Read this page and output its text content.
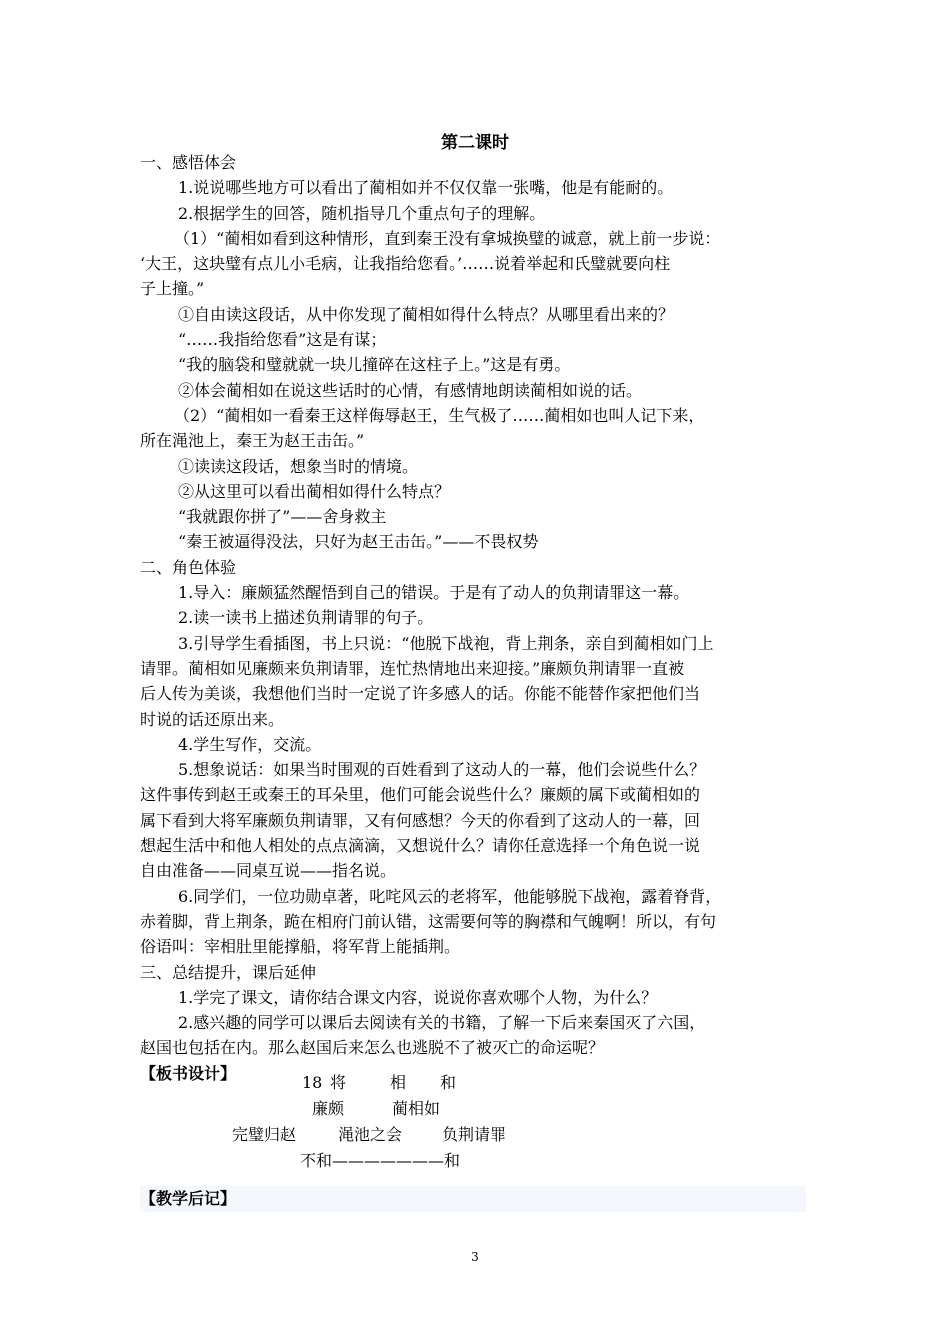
第二课时
一、感悟体会
1.说说哪些地方可以看出了蔺相如并不仅仅靠一张嘴，他是有能耐的。
2.根据学生的回答，随机指导几个重点句子的理解。
（1）“蔺相如看到这种情形，直到秦王没有拿城换璧的诚意，就上前一步说：
‘大王，这块璧有点儿小毛病，让我指给您看。’……说着举起和氏璧就要向柱
子上撞。”
①自由读这段话，从中你发现了蔺相如得什么特点？从哪里看出来的？
“……我指给您看”这是有谋；
“我的脑袋和璧就就一块儿撞碎在这柱子上。”这是有勇。
②体会蔺相如在说这些话时的心情，有感情地朗读蔺相如说的话。
（2）“蔺相如一看秦王这样侮辱赵王，生气极了……蔺相如也叫人记下来，
所在渑池上，秦王为赵王击缶。”
①读读这段话，想象当时的情境。
②从这里可以看出蔺相如得什么特点？
“我就跟你拼了”——舍身救主
“秦王被逼得没法，只好为赵王击缶。”——不畏权势
二、角色体验
1.导入：廉颇猛然醒悟到自己的错误。于是有了动人的负荆请罪这一幕。
2.读一读书上描述负荆请罪的句子。
3.引导学生看插图，书上只说：“他脱下战袍，背上荆条，亲自到蔺相如门上
请罪。蔺相如见廉颇来负荆请罪，连忙热情地出来迎接。”廉颇负荆请罪一直被
后人传为美谈，我想他们当时一定说了许多感人的话。你能不能替作家把他们当
时说的话还原出来。
4.学生写作，交流。
5.想象说话：如果当时围观的百姓看到了这动人的一幕，他们会说些什么？
这件事传到赵王或秦王的耳朵里，他们可能会说些什么？廉颇的属下或蔺相如的
属下看到大将军廉颇负荆请罪，又有何感想？今天的你看到了这动人的一幕，回
想起生活中和他人相处的点点滴滴，又想说什么？请你任意选择一个角色说一说
自由准备——同桌互说——指名说。
6.同学们，一位功勋卓著，叱咤风云的老将军，他能够脱下战袍，露着脊背，
赤着脚，背上荆条，跪在相府门前认错，这需要何等的胸襟和气魄啊！所以，有句
俗语叫：宰相肚里能撑船，将军背上能插荆。
三、总结提升，课后延伸
1.学完了课文，请你结合课文内容，说说你喜欢哪个人物，为什么？
2.感兴趣的同学可以课后去阅读有关的书籍，了解一下后来秦国灭了六国，
赵国也包括在内。那么赵国后来怎么也逃脱不了被灭亡的命运呢？
【板书设计】	18 将	相 和
廉颇	蔺相如
完璧归赵	渑池之会 负荆请罪
不和———————和
【教学后记】
3
